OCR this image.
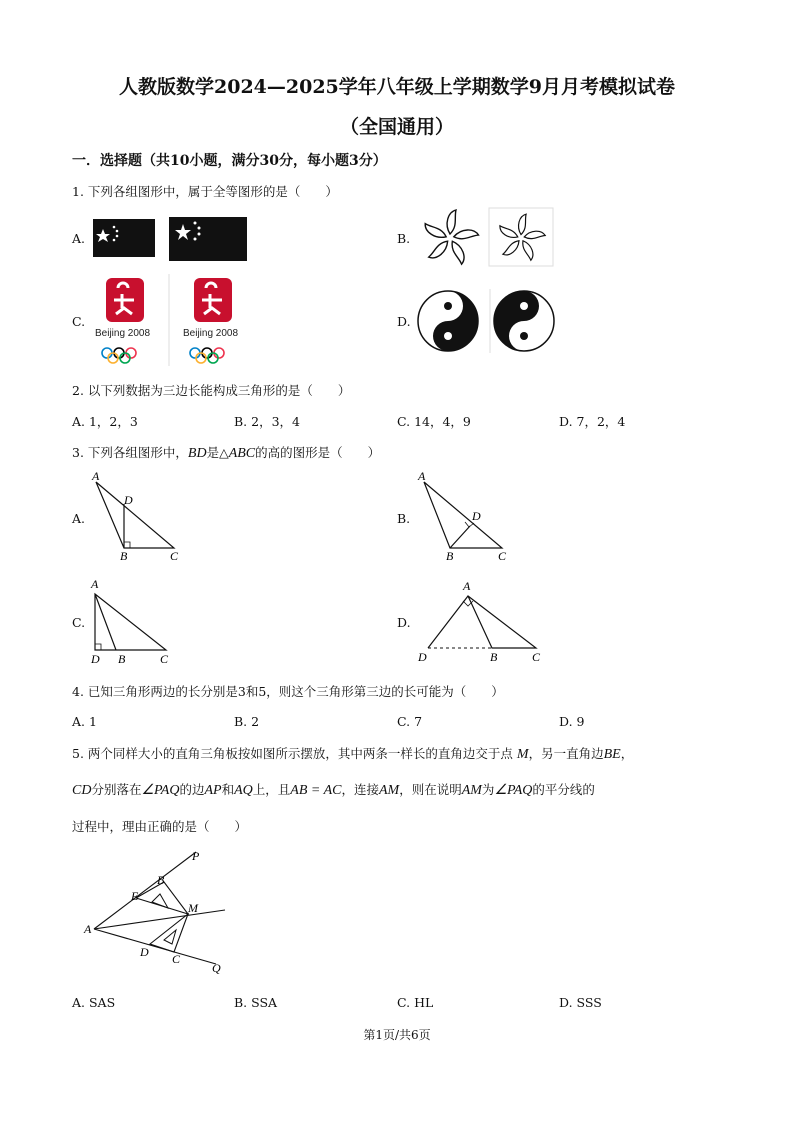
人教版数学2024—2025学年八年级上学期数学9月月考模拟试卷
（全国通用）
一．选择题（共10小题，满分30分，每小题3分）
1. 下列各组图形中，属于全等图形的是（　　）
A.	B.
C.
Beijing 2008	Beijing 2008
D.
2. 以下列数据为三边长能构成三角形的是（　　）
A. 1，2，3	B. 2，3，4	C. 14，4，9	D. 7，2，4
3. 下列各组图形中，BD是△ABC的高的图形是（　　）
A.
A
D
B	C
B.
A
D
B	C
C.
A
D B	C
D.
A
D	B	C
4. 已知三角形两边的长分别是3和5，则这个三角形第三边的长可能为（　　）
A. 1	B. 2	C. 7	D. 9
5. 两个同样大小的直角三角板按如图所示摆放，其中两条一样长的直角边交于点 M，另一直角边BE，
CD分别落在∠PAQ的边AP和AQ上，且AB = AC，连接AM，则在说明AM为∠PAQ的平分线的
过程中，理由正确的是（　　）
P
B
E
M
A
D C
Q
A. SAS	B. SSA	C. HL	D. SSS
第1页/共6页
